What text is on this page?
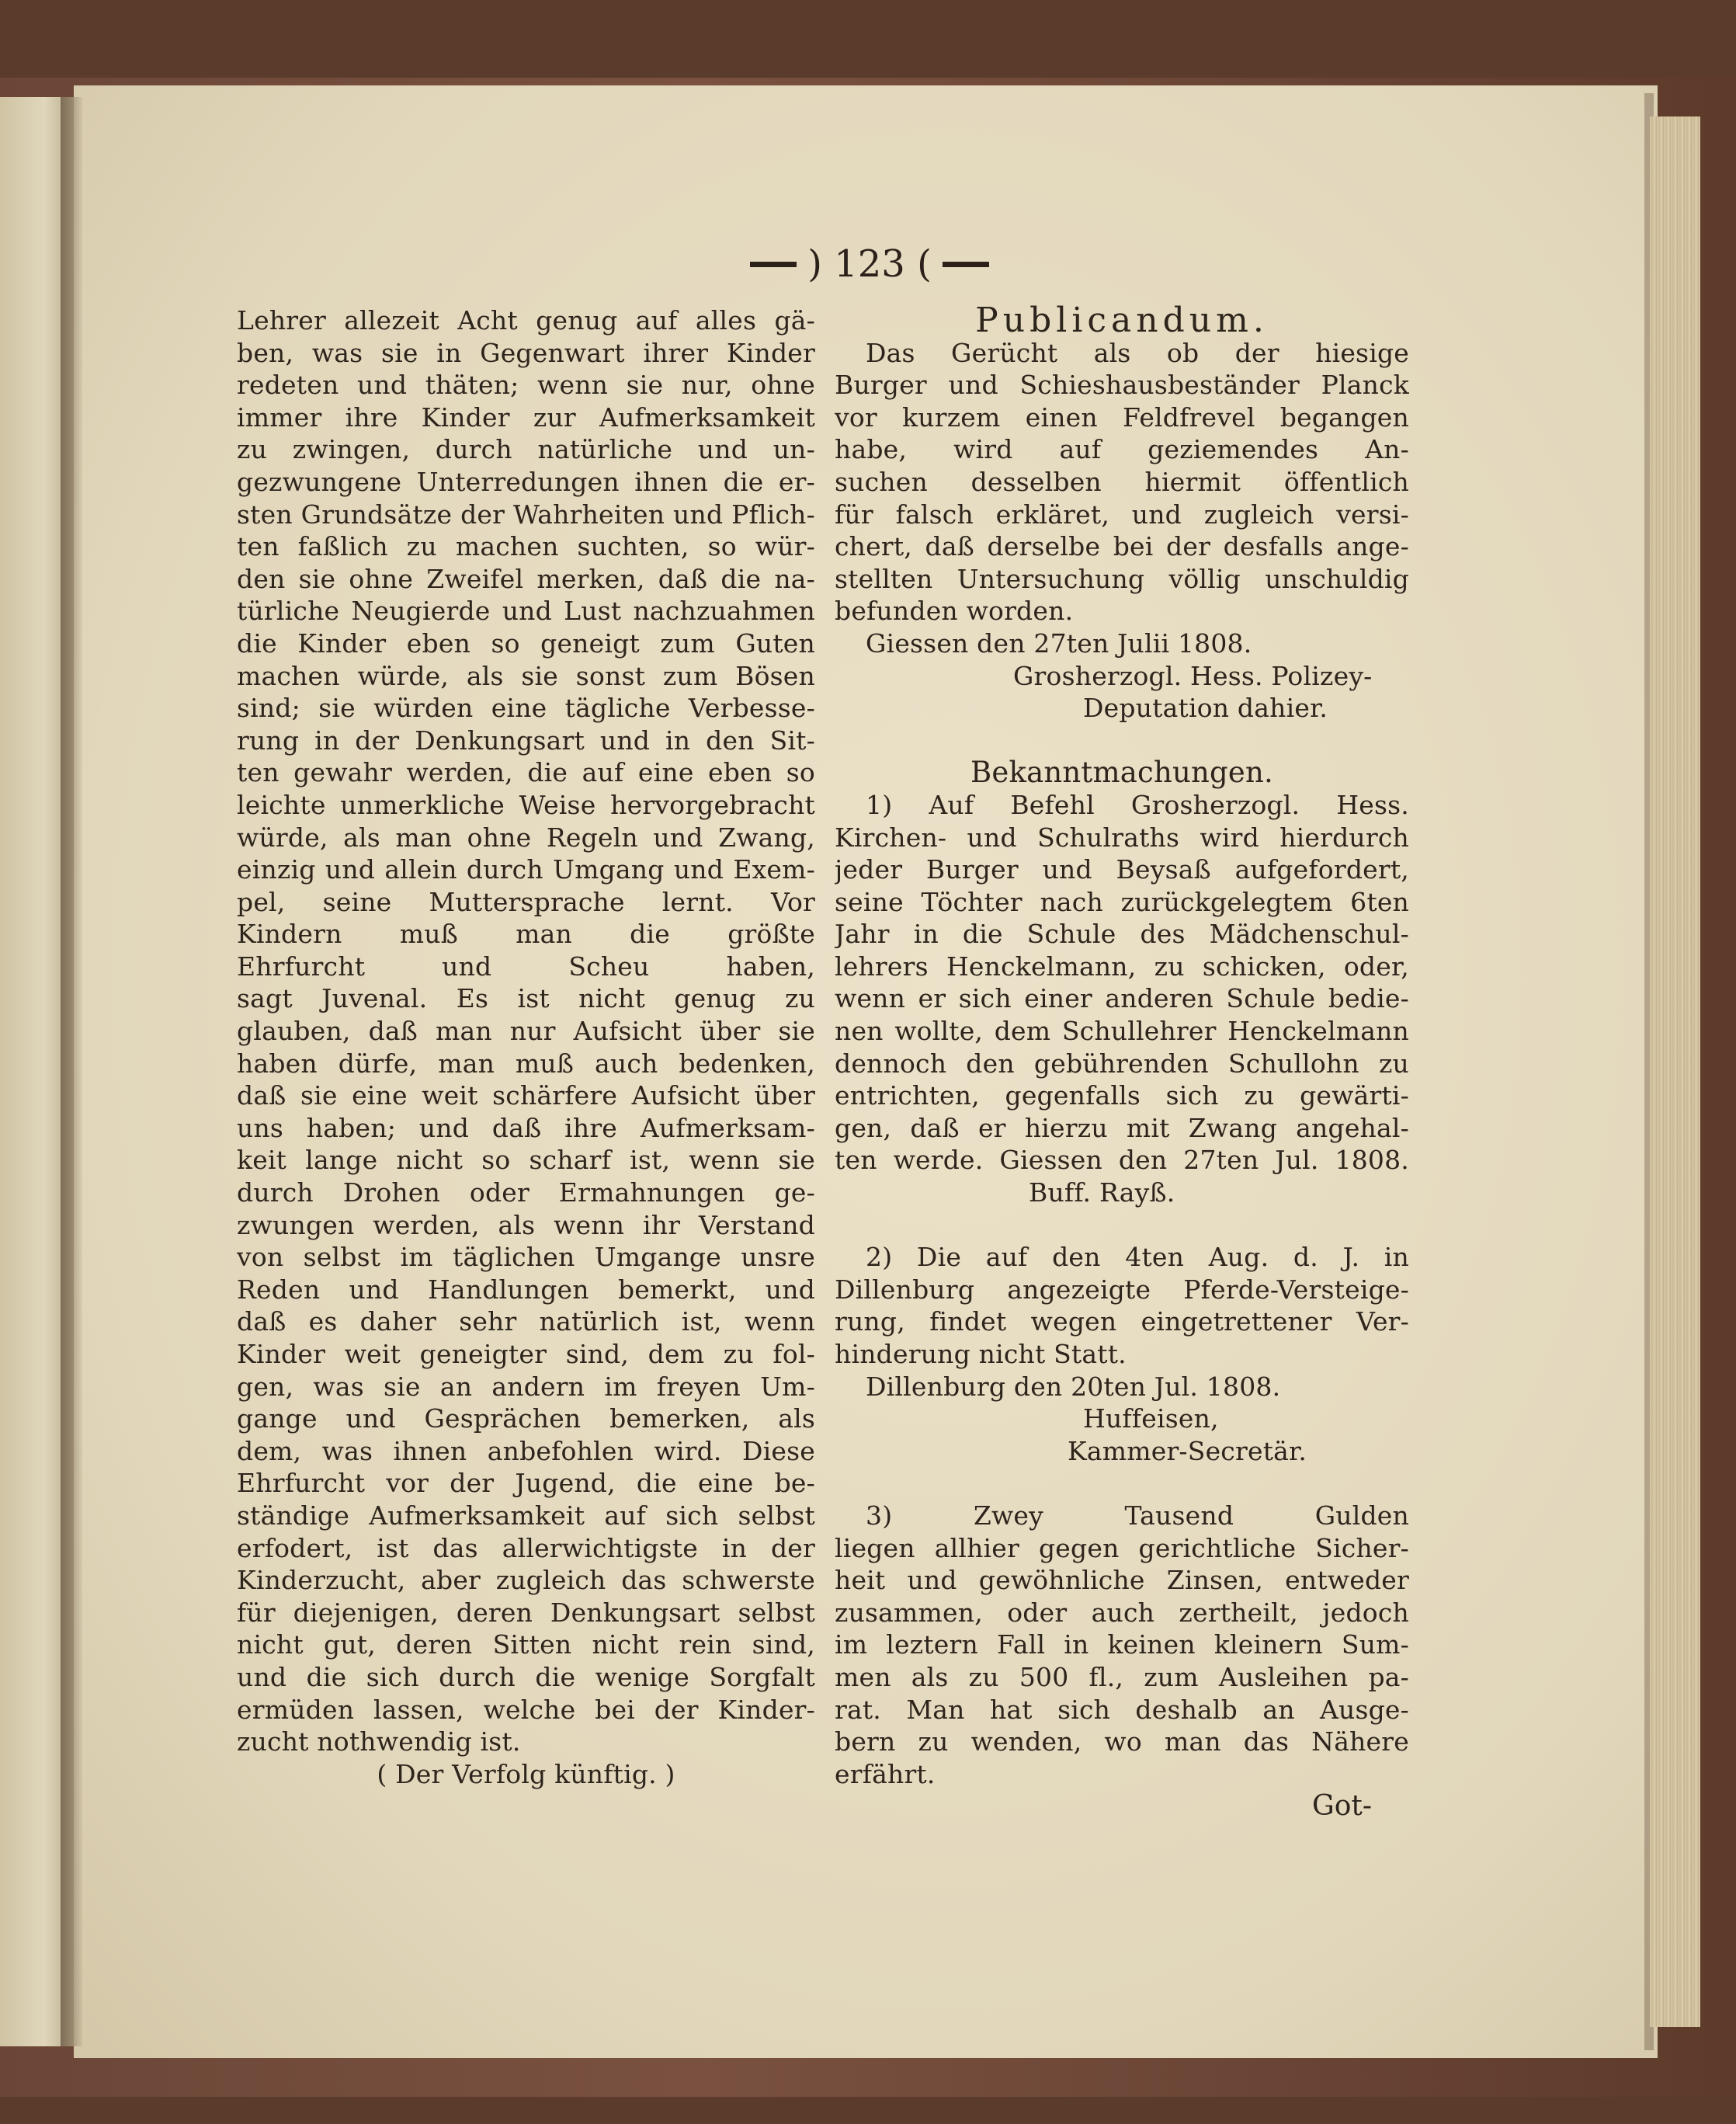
) 123 (
Lehrer allezeit Acht genug auf alles gä-
ben, was sie in Gegenwart ihrer Kinder
redeten und thäten; wenn sie nur, ohne
immer ihre Kinder zur Aufmerksamkeit
zu zwingen, durch natürliche und un-
gezwungene Unterredungen ihnen die er-
sten Grundsätze der Wahrheiten und Pflich-
ten faßlich zu machen suchten, so wür-
den sie ohne Zweifel merken, daß die na-
türliche Neugierde und Lust nachzuahmen
die Kinder eben so geneigt zum Guten
machen würde, als sie sonst zum Bösen
sind; sie würden eine tägliche Verbesse-
rung in der Denkungsart und in den Sit-
ten gewahr werden, die auf eine eben so
leichte unmerkliche Weise hervorgebracht
würde, als man ohne Regeln und Zwang,
einzig und allein durch Umgang und Exem-
pel, seine Muttersprache lernt. Vor
Kindern muß man die größte
Ehrfurcht und Scheu haben,
sagt Juvenal. Es ist nicht genug zu
glauben, daß man nur Aufsicht über sie
haben dürfe, man muß auch bedenken,
daß sie eine weit schärfere Aufsicht über
uns haben; und daß ihre Aufmerksam-
keit lange nicht so scharf ist, wenn sie
durch Drohen oder Ermahnungen ge-
zwungen werden, als wenn ihr Verstand
von selbst im täglichen Umgange unsre
Reden und Handlungen bemerkt, und
daß es daher sehr natürlich ist, wenn
Kinder weit geneigter sind, dem zu fol-
gen, was sie an andern im freyen Um-
gange und Gesprächen bemerken, als
dem, was ihnen anbefohlen wird. Diese
Ehrfurcht vor der Jugend, die eine be-
ständige Aufmerksamkeit auf sich selbst
erfodert, ist das allerwichtigste in der
Kinderzucht, aber zugleich das schwerste
für diejenigen, deren Denkungsart selbst
nicht gut, deren Sitten nicht rein sind,
und die sich durch die wenige Sorgfalt
ermüden lassen, welche bei der Kinder-
zucht nothwendig ist.
( Der Verfolg künftig. )
Publicandum.
Das Gerücht als ob der hiesige
Burger und Schieshausbeständer Planck
vor kurzem einen Feldfrevel begangen
habe, wird auf geziemendes An-
suchen desselben hiermit öffentlich
für falsch erkläret, und zugleich versi-
chert, daß derselbe bei der desfalls ange-
stellten Untersuchung völlig unschuldig
befunden worden.
Giessen den 27ten Julii 1808.
Grosherzogl. Hess. Polizey-
Deputation dahier.
Bekanntmachungen.
1) Auf Befehl Grosherzogl. Hess.
Kirchen- und Schulraths wird hierdurch
jeder Burger und Beysaß aufgefordert,
seine Töchter nach zurückgelegtem 6ten
Jahr in die Schule des Mädchenschul-
lehrers Henckelmann, zu schicken, oder,
wenn er sich einer anderen Schule bedie-
nen wollte, dem Schullehrer Henckelmann
dennoch den gebührenden Schullohn zu
entrichten, gegenfalls sich zu gewärti-
gen, daß er hierzu mit Zwang angehal-
ten werde. Giessen den 27ten Jul. 1808.
Buff. Rayß.
2) Die auf den 4ten Aug. d. J. in
Dillenburg angezeigte Pferde-Versteige-
rung, findet wegen eingetrettener Ver-
hinderung nicht Statt.
Dillenburg den 20ten Jul. 1808.
Huffeisen,
Kammer-Secretär.
3) Zwey Tausend Gulden
liegen allhier gegen gerichtliche Sicher-
heit und gewöhnliche Zinsen, entweder
zusammen, oder auch zertheilt, jedoch
im leztern Fall in keinen kleinern Sum-
men als zu 500 fl., zum Ausleihen pa-
rat. Man hat sich deshalb an Ausge-
bern zu wenden, wo man das Nähere
erfährt.
Got-
